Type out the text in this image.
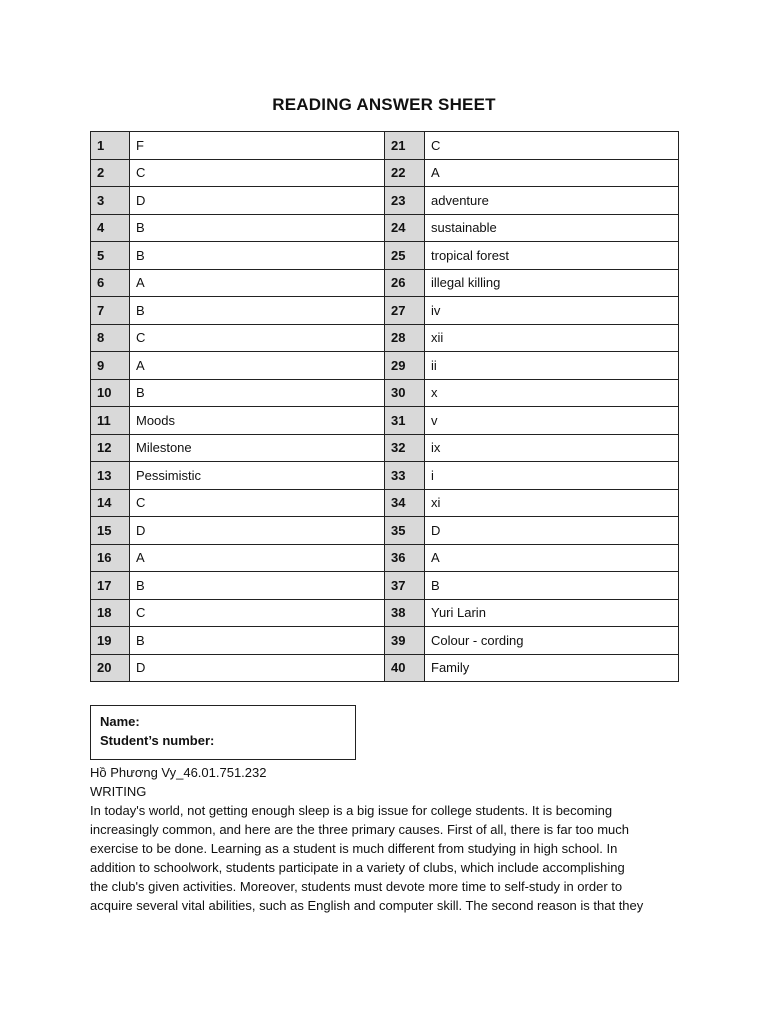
READING ANSWER SHEET
1	F	21	C
2	C	22	A
3	D	23	adventure
4	B	24	sustainable
5	B	25	tropical forest
6	A	26	illegal killing
7	B	27	iv
8	C	28	xii
9	A	29	ii
10	B	30	x
11	Moods	31	v
12	Milestone	32	ix
13	Pessimistic	33	i
14	C	34	xi
15	D	35	D
16	A	36	A
17	B	37	B
18	C	38	Yuri Larin
19	B	39	Colour - cording
20	D	40	Family
Name:
Student’s number:

Hồ Phương Vy_46.01.751.232

WRITING

In today's world, not getting enough sleep is a big issue for college students. It is becoming

increasingly common, and here are the three primary causes. First of all, there is far too much

exercise to be done. Learning as a student is much different from studying in high school. In

addition to schoolwork, students participate in a variety of clubs, which include accomplishing

the club's given activities. Moreover, students must devote more time to self-study in order to

acquire several vital abilities, such as English and computer skill. The second reason is that they
